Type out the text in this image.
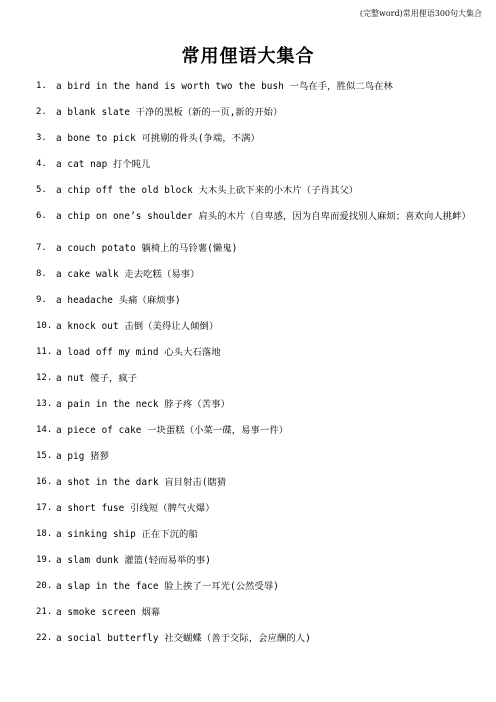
(完整word)常用俚语300句大集合
常用俚语大集合
1. a bird in the hand is worth two the bush 一鸟在手，胜似二鸟在林
2. a blank slate 干净的黑板（新的一页,新的开始）
3. a bone to pick 可挑剔的骨头(争端，不满）
4. a cat nap 打个盹儿
5. a chip off the old block 大木头上砍下来的小木片（子肖其父）
6. a chip on one’s shoulder 肩头的木片（自卑感，因为自卑而爱找别人麻烦；喜欢向人挑衅）
7. a couch potato 躺椅上的马铃薯(懒鬼)
8. a cake walk 走去吃糕（易事）
9. a headache 头痛（麻烦事)
10. a knock out 击倒（美得让人倾倒）
11. a load off my mind 心头大石落地
12. a nut 傻子，疯子
13. a pain in the neck 脖子疼（苦事）
14. a piece of cake 一块蛋糕（小菜一碟，易事一件）
15. a pig 猪猡
16. a shot in the dark 盲目射击(瞎猜
17. a short fuse 引线短（脾气火爆）
18. a sinking ship 正在下沉的船
19. a slam dunk 灌篮(轻而易举的事)
20. a slap in the face 脸上挨了一耳光(公然受辱)
21. a smoke screen 烟幕
22. a social butterfly 社交蝴蝶（善于交际，会应酬的人)
